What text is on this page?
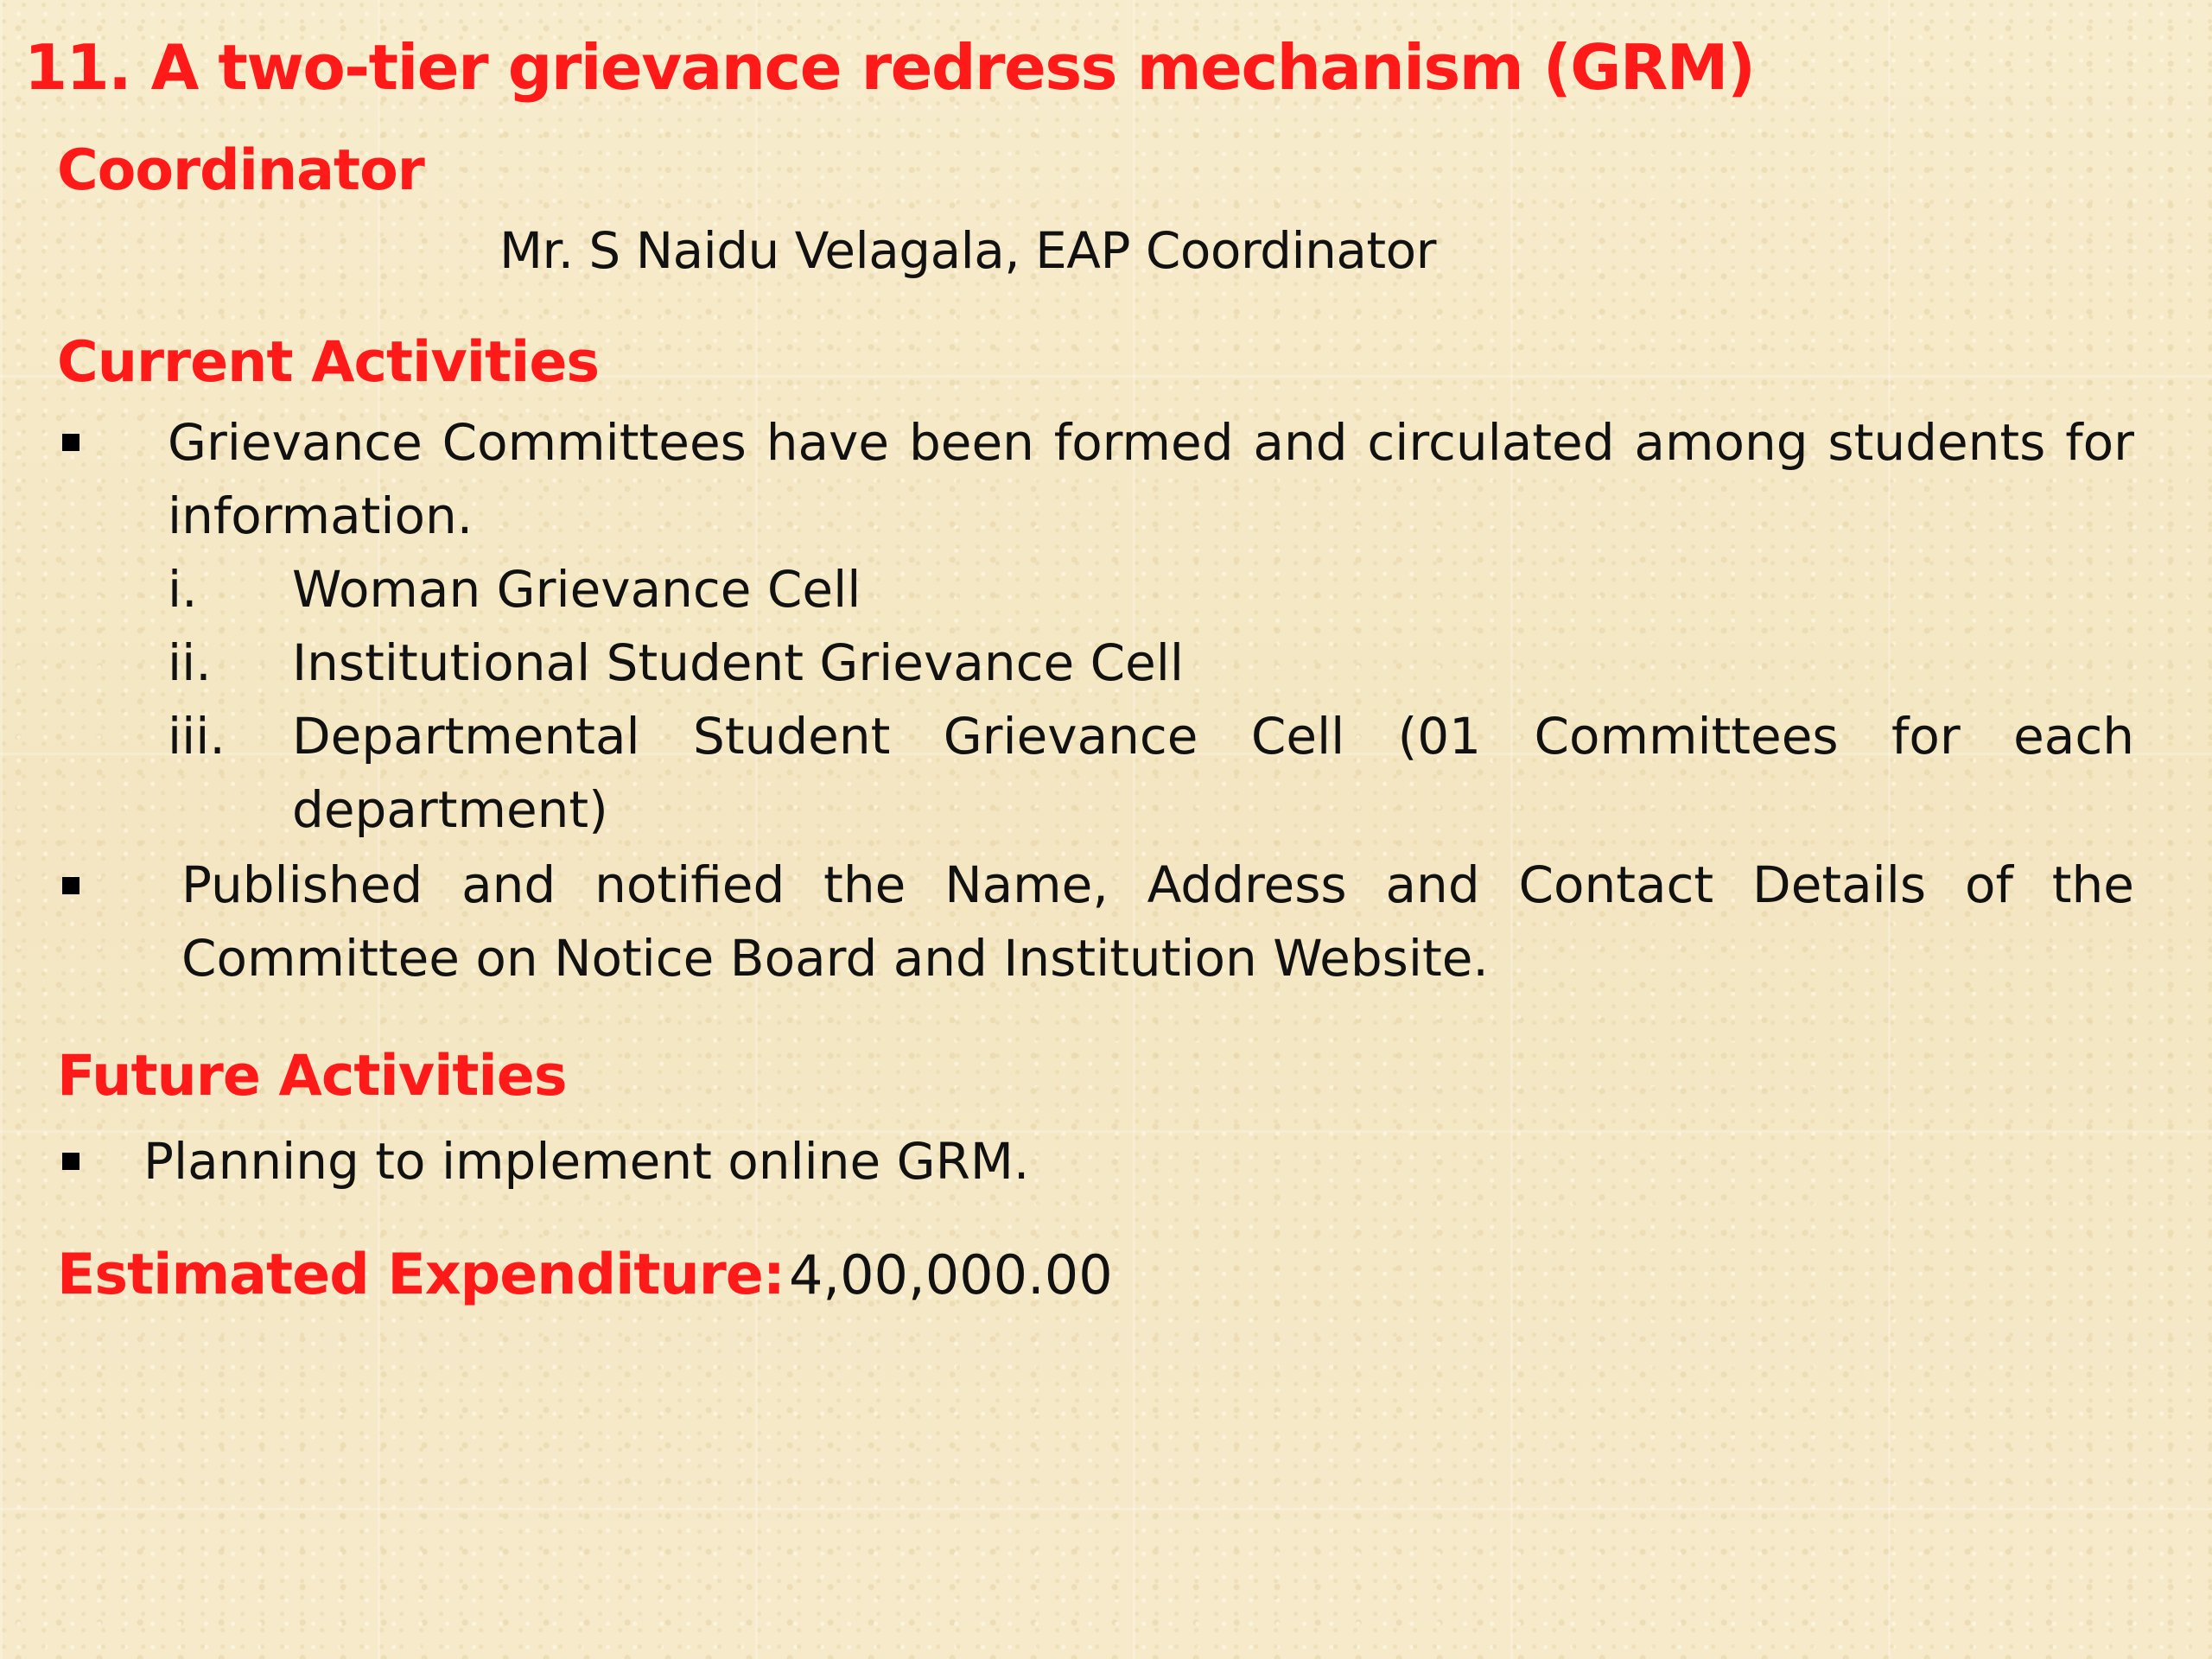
11. A two-tier grievance redress mechanism (GRM)
Coordinator
Mr. S Naidu Velagala, EAP Coordinator
Current Activities
Grievance Committees have been formed and circulated among students for information.
i. Woman Grievance Cell
ii. Institutional Student Grievance Cell
iii. Departmental Student Grievance Cell (01 Committees for each department)
Published and notified the Name, Address and Contact Details of the Committee on Notice Board and Institution Website.
Future Activities
Planning to implement online GRM.
Estimated Expenditure: 4,00,000.00
